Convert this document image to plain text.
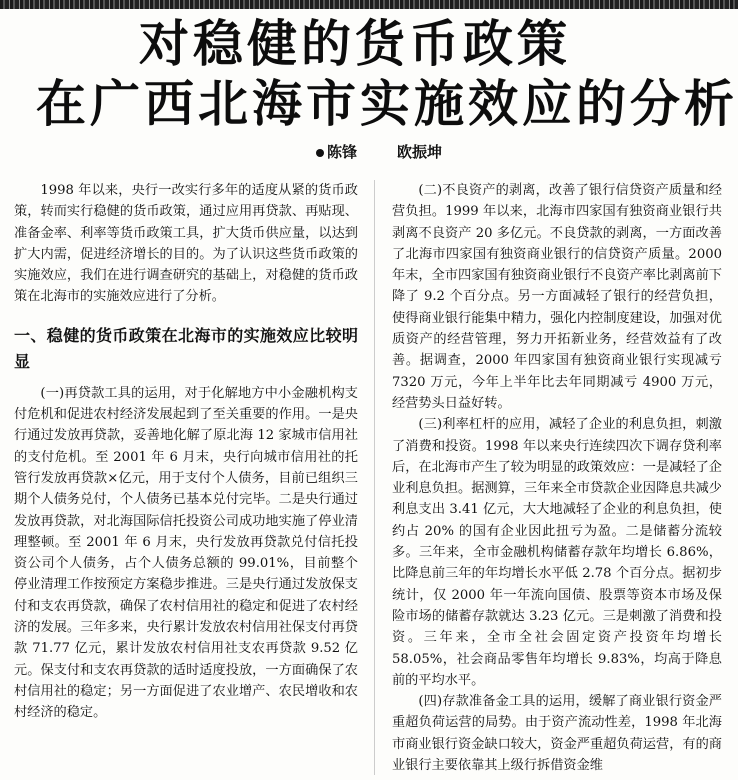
对稳健的货币政策
在广西北海市实施效应的分析
陈锋	欧振坤

1998 年以来，央行一改实行多年的适度从紧的货币政策，转而实行稳健的货币政策，通过应用再贷款、再贴现、准备金率、利率等货币政策工具，扩大货币供应量，以达到扩大内需，促进经济增长的目的。为了认识这些货币政策的实施效应，我们在进行调查研究的基础上，对稳健的货币政策在北海市的实施效应进行了分析。

一、稳健的货币政策在北海市的实施效应比较明显

(一)再贷款工具的运用，对于化解地方中小金融机构支付危机和促进农村经济发展起到了至关重要的作用。一是央行通过发放再贷款，妥善地化解了原北海 12 家城市信用社的支付危机。至 2001 年 6 月末，央行向城市信用社的托管行发放再贷款×亿元，用于支付个人债务，目前已组织三期个人债务兑付，个人债务已基本兑付完毕。二是央行通过发放再贷款，对北海国际信托投资公司成功地实施了停业清理整顿。至 2001 年 6 月末，央行发放再贷款兑付信托投资公司个人债务，占个人债务总额的 99.01%，目前整个停业清理工作按预定方案稳步推进。三是央行通过发放保支付和支农再贷款，确保了农村信用社的稳定和促进了农村经济的发展。三年多来，央行累计发放农村信用社保支付再贷款 71.77 亿元，累计发放农村信用社支农再贷款 9.52 亿元。保支付和支农再贷款的适时适度投放，一方面确保了农村信用社的稳定；另一方面促进了农业增产、农民增收和农村经济的稳定。

(二)不良资产的剥离，改善了银行信贷资产质量和经营负担。1999 年以来，北海市四家国有独资商业银行共剥离不良资产 20 多亿元。不良贷款的剥离，一方面改善了北海市四家国有独资商业银行的信贷资产质量。2000 年末，全市四家国有独资商业银行不良资产率比剥离前下降了 9.2 个百分点。另一方面减轻了银行的经营负担，使得商业银行能集中精力，强化内控制度建设，加强对优质资产的经营管理，努力开拓新业务，经营效益有了改善。据调查，2000 年四家国有独资商业银行实现减亏 7320 万元，今年上半年比去年同期减亏 4900 万元，经营势头日益好转。

(三)利率杠杆的应用，减轻了企业的利息负担，刺激了消费和投资。1998 年以来央行连续四次下调存贷利率后，在北海市产生了较为明显的政策效应：一是减轻了企业利息负担。据测算，三年来全市贷款企业因降息共减少利息支出 3.41 亿元，大大地减轻了企业的利息负担，使约占 20% 的国有企业因此扭亏为盈。二是储蓄分流较多。三年来，全市金融机构储蓄存款年均增长 6.86%，比降息前三年的年均增长水平低 2.78 个百分点。据初步统计，仅 2000 年一年流向国债、股票等资本市场及保险市场的储蓄存款就达 3.23 亿元。三是刺激了消费和投资。三年来，全市全社会固定资产投资年均增长 58.05%，社会商品零售年均增长 9.83%，均高于降息前的平均水平。

(四)存款准备金工具的运用，缓解了商业银行资金严重超负荷运营的局势。由于资产流动性差，1998 年北海市商业银行资金缺口较大，资金严重超负荷运营，有的商业银行主要依靠其上级行拆借资金维
